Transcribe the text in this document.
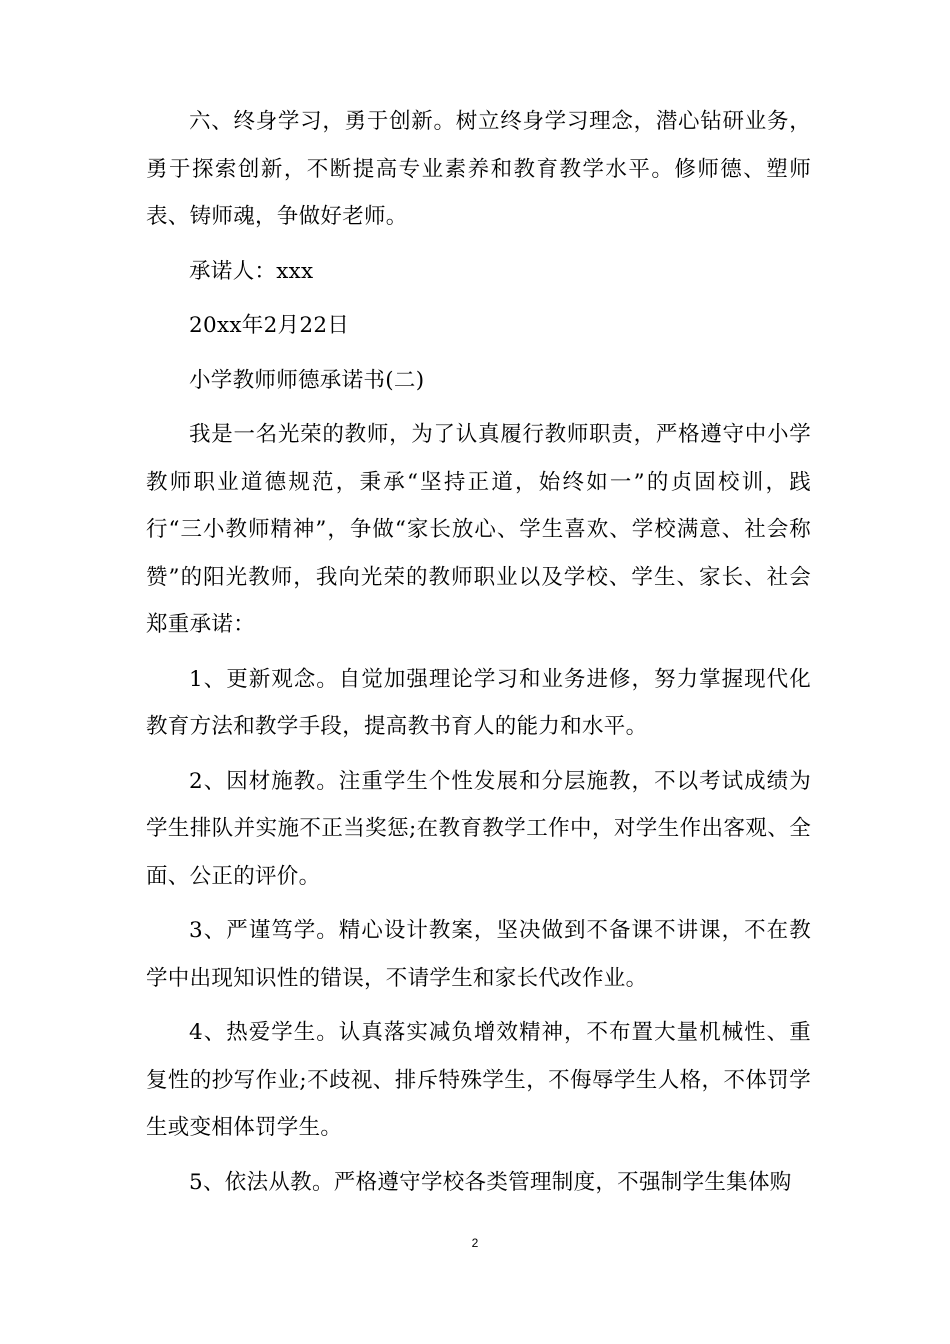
六、终身学习，勇于创新。树立终身学习理念，潜心钻研业务，勇于探索创新，不断提高专业素养和教育教学水平。修师德、塑师表、铸师魂，争做好老师。

承诺人：xxx

20xx年2月22日

小学教师师德承诺书(二)

我是一名光荣的教师，为了认真履行教师职责，严格遵守中小学教师职业道德规范，秉承“坚持正道，始终如一”的贞固校训，践行“三小教师精神”，争做“家长放心、学生喜欢、学校满意、社会称赞”的阳光教师，我向光荣的教师职业以及学校、学生、家长、社会郑重承诺：

1、更新观念。自觉加强理论学习和业务进修，努力掌握现代化教育方法和教学手段，提高教书育人的能力和水平。

2、因材施教。注重学生个性发展和分层施教，不以考试成绩为学生排队并实施不正当奖惩;在教育教学工作中，对学生作出客观、全面、公正的评价。

3、严谨笃学。精心设计教案，坚决做到不备课不讲课，不在教学中出现知识性的错误，不请学生和家长代改作业。

4、热爱学生。认真落实减负增效精神，不布置大量机械性、重复性的抄写作业;不歧视、排斥特殊学生，不侮辱学生人格，不体罚学生或变相体罚学生。

5、依法从教。严格遵守学校各类管理制度，不强制学生集体购

2
